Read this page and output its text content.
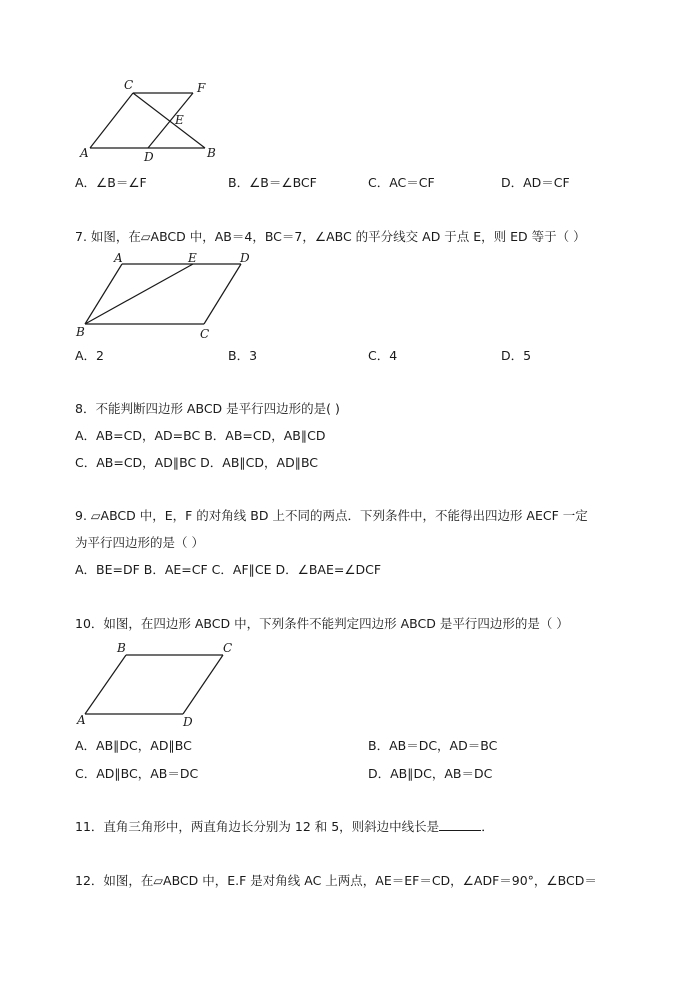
C	F
E
A	D	B
A．∠B＝∠F	B．∠B＝∠BCF	C．AC＝CF	D．AD＝CF
7. 如图，在▱ABCD 中，AB＝4，BC＝7，∠ABC 的平分线交 AD 于点 E，则 ED 等于（ ）
A	E	D
B	C
A．2	B．3	C．4	D．5
8．不能判断四边形 ABCD 是平行四边形的是( )
A．AB=CD，AD=BC B．AB=CD，AB∥CD
C．AB=CD，AD∥BC D．AB∥CD，AD∥BC
9. ▱ABCD 中，E，F 的对角线 BD 上不同的两点．下列条件中，不能得出四边形 AECF 一定
为平行四边形的是（ ）
A．BE=DF B．AE=CF C．AF∥CE D．∠BAE=∠DCF
10．如图，在四边形 ABCD 中，下列条件不能判定四边形 ABCD 是平行四边形的是（ ）
B	C
A	D
A．AB∥DC，AD∥BC	B．AB＝DC，AD＝BC
C．AD∥BC，AB＝DC	D．AB∥DC，AB＝DC
11．直角三角形中，两直角边长分别为 12 和 5，则斜边中线长是	．
12．如图，在▱ABCD 中，E.F 是对角线 AC 上两点，AE＝EF＝CD，∠ADF＝90°，∠BCD＝
